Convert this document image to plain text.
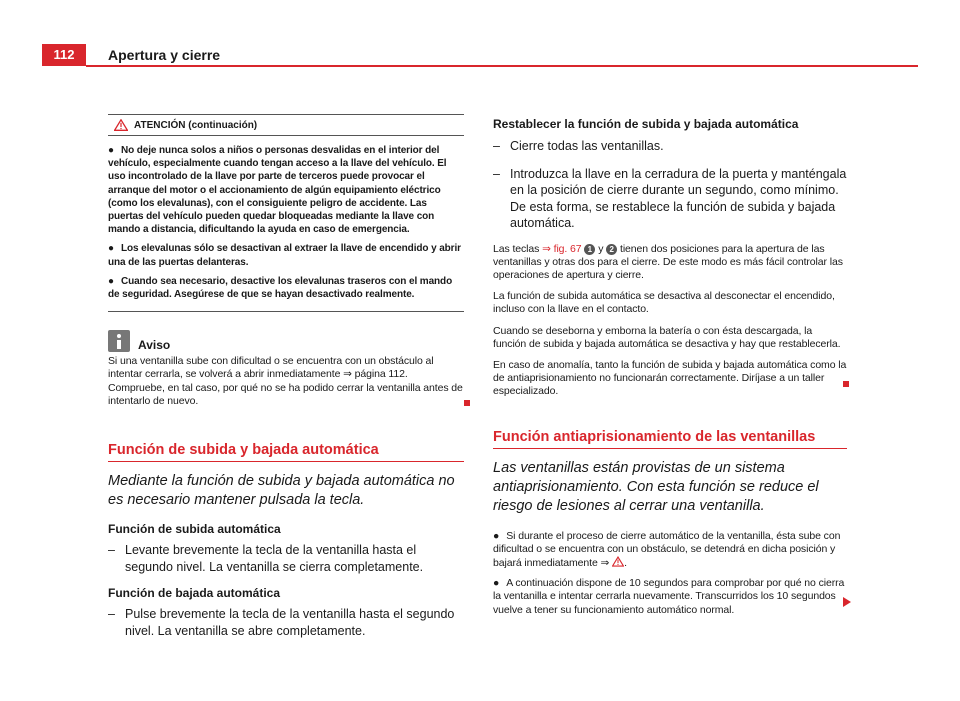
112	Apertura y cierre
ATENCIÓN (continuación)

● No deje nunca solos a niños o personas desvalidas en el interior del vehículo, especialmente cuando tengan acceso a la llave del vehículo. El uso incontrolado de la llave por parte de terceros puede provocar el arranque del motor o el accionamiento de algún equipamiento eléctrico (como los elevalunas), con el consiguiente peligro de accidente. Las puertas del vehículo pueden quedar bloqueadas mediante la llave con mando a distancia, dificultando la ayuda en caso de emergencia.

● Los elevalunas sólo se desactivan al extraer la llave de encendido y abrir una de las puertas delanteras.

● Cuando sea necesario, desactive los elevalunas traseros con el mando de seguridad. Asegúrese de que se hayan desactivado realmente.

Aviso

Si una ventanilla sube con dificultad o se encuentra con un obstáculo al intentar cerrarla, se volverá a abrir inmediatamente ⇒ página 112. Compruebe, en tal caso, por qué no se ha podido cerrar la ventanilla antes de intentarlo de nuevo.

Función de subida y bajada automática

Mediante la función de subida y bajada automática no es necesario mantener pulsada la tecla.

Función de subida automática

– Levante brevemente la tecla de la ventanilla hasta el segundo nivel. La ventanilla se cierra completamente.

Función de bajada automática

– Pulse brevemente la tecla de la ventanilla hasta el segundo nivel. La ventanilla se abre completamente.

Restablecer la función de subida y bajada automática

– Cierre todas las ventanillas.
– Introduzca la llave en la cerradura de la puerta y manténgala en la posición de cierre durante un segundo, como mínimo. De esta forma, se restablece la función de subida y bajada automática.

Las teclas ⇒ fig. 67 1 y 2 tienen dos posiciones para la apertura de las ventanillas y otras dos para el cierre. De este modo es más fácil controlar las operaciones de apertura y cierre.

La función de subida automática se desactiva al desconectar el encendido, incluso con la llave en el contacto.

Cuando se deseborna y emborna la batería o con ésta descargada, la función de subida y bajada automática se desactiva y hay que restablecerla.

En caso de anomalía, tanto la función de subida y bajada automática como la de antiaprisionamiento no funcionarán correctamente. Diríjase a un taller especializado.

Función antiaprisionamiento de las ventanillas

Las ventanillas están provistas de un sistema antiaprisionamiento. Con esta función se reduce el riesgo de lesiones al cerrar una ventanilla.

● Si durante el proceso de cierre automático de la ventanilla, ésta sube con dificultad o se encuentra con un obstáculo, se detendrá en dicha posición y bajará inmediatamente ⇒ .

● A continuación dispone de 10 segundos para comprobar por qué no cierra la ventanilla e intentar cerrarla nuevamente. Transcurridos los 10 segundos vuelve a tener su funcionamiento automático normal.
